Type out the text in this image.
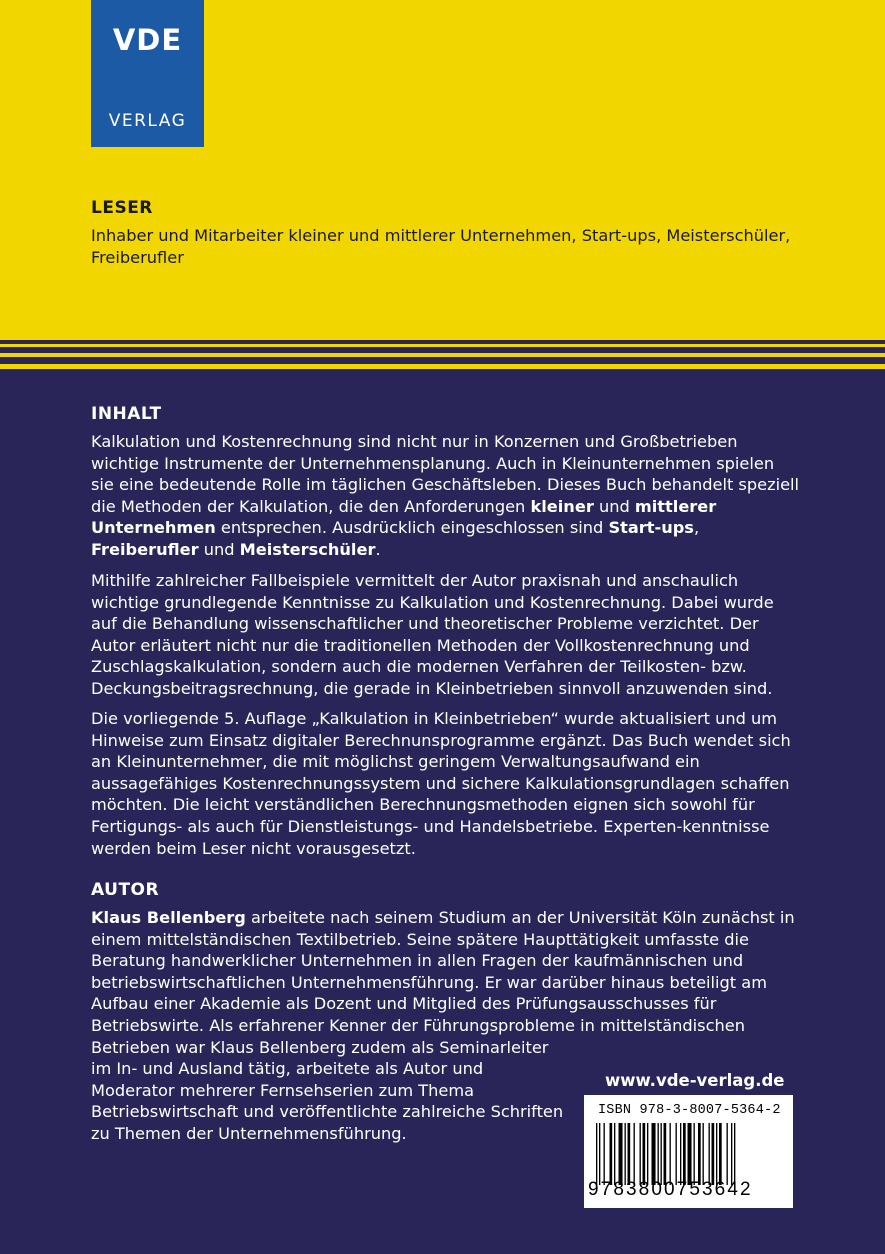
VDE
VERLAG
LESER
Inhaber und Mitarbeiter kleiner und mittlerer Unternehmen, Start-ups, Meisterschüler, Freiberufler
INHALT
Kalkulation und Kostenrechnung sind nicht nur in Konzernen und Großbetrieben wichtige Instrumente der Unternehmensplanung. Auch in Kleinunternehmen spielen sie eine bedeutende Rolle im täglichen Geschäftsleben. Dieses Buch behandelt speziell die Methoden der Kalkulation, die den Anforderungen kleiner und mittlerer Unternehmen entsprechen. Ausdrücklich eingeschlossen sind Start-ups, Freiberufler und Meisterschüler.
Mithilfe zahlreicher Fallbeispiele vermittelt der Autor praxisnah und anschaulich wichtige grundlegende Kenntnisse zu Kalkulation und Kostenrechnung. Dabei wurde auf die Behandlung wissenschaftlicher und theoretischer Probleme verzichtet. Der Autor erläutert nicht nur die traditionellen Methoden der Vollkostenrechnung und Zuschlagskalkulation, sondern auch die modernen Verfahren der Teilkosten- bzw. Deckungsbeitragsrechnung, die gerade in Kleinbetrieben sinnvoll anzuwenden sind.
Die vorliegende 5. Auflage „Kalkulation in Kleinbetrieben“ wurde aktualisiert und um Hinweise zum Einsatz digitaler Berechnunsprogramme ergänzt. Das Buch wendet sich an Kleinunternehmer, die mit möglichst geringem Verwaltungsaufwand ein aussagefähiges Kostenrechnungssystem und sichere Kalkulationsgrundlagen schaffen möchten. Die leicht verständlichen Berechnungsmethoden eignen sich sowohl für Fertigungs- als auch für Dienstleistungs- und Handelsbetriebe. Experten-kenntnisse werden beim Leser nicht vorausgesetzt.
AUTOR
Klaus Bellenberg arbeitete nach seinem Studium an der Universität Köln zunächst in einem mittelständischen Textilbetrieb. Seine spätere Haupttätigkeit umfasste die Beratung handwerklicher Unternehmen in allen Fragen der kaufmännischen und betriebswirtschaftlichen Unternehmensführung. Er war darüber hinaus beteiligt am Aufbau einer Akademie als Dozent und Mitglied des Prüfungsausschusses für Betriebswirte. Als erfahrener Kenner der Führungsprobleme in mittelständischen
Betrieben war Klaus Bellenberg zudem als Seminarleiter im In- und Ausland tätig, arbeitete als Autor und Moderator mehrerer Fernsehserien zum Thema Betriebswirtschaft und veröffentlichte zahlreiche Schriften zu Themen der Unternehmensführung.
www.vde-verlag.de
ISBN 978-3-8007-5364-2
9783800753642
